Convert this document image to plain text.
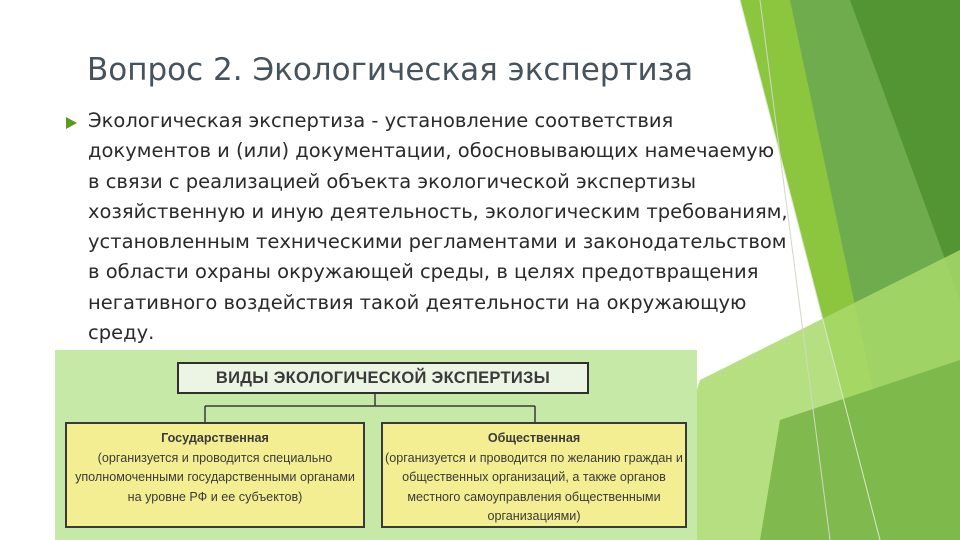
Вопрос 2. Экологическая экспертиза
Экологическая экспертиза - установление соответствия документов и (или) документации, обосновывающих намечаемую в связи с реализацией объекта экологической экспертизы хозяйственную и иную деятельность, экологическим требованиям, установленным техническими регламентами и законодательством в области охраны окружающей среды, в целях предотвращения негативного воздействия такой деятельности на окружающую среду.
ВИДЫ ЭКОЛОГИЧЕСКОЙ ЭКСПЕРТИЗЫ
Государственная
(организуется и проводится специально уполномоченными государственными органами на уровне РФ и ее субъектов)
Общественная
(организуется и проводится по желанию граждан и общественных организаций, а также органов местного самоуправления общественными организациями)
